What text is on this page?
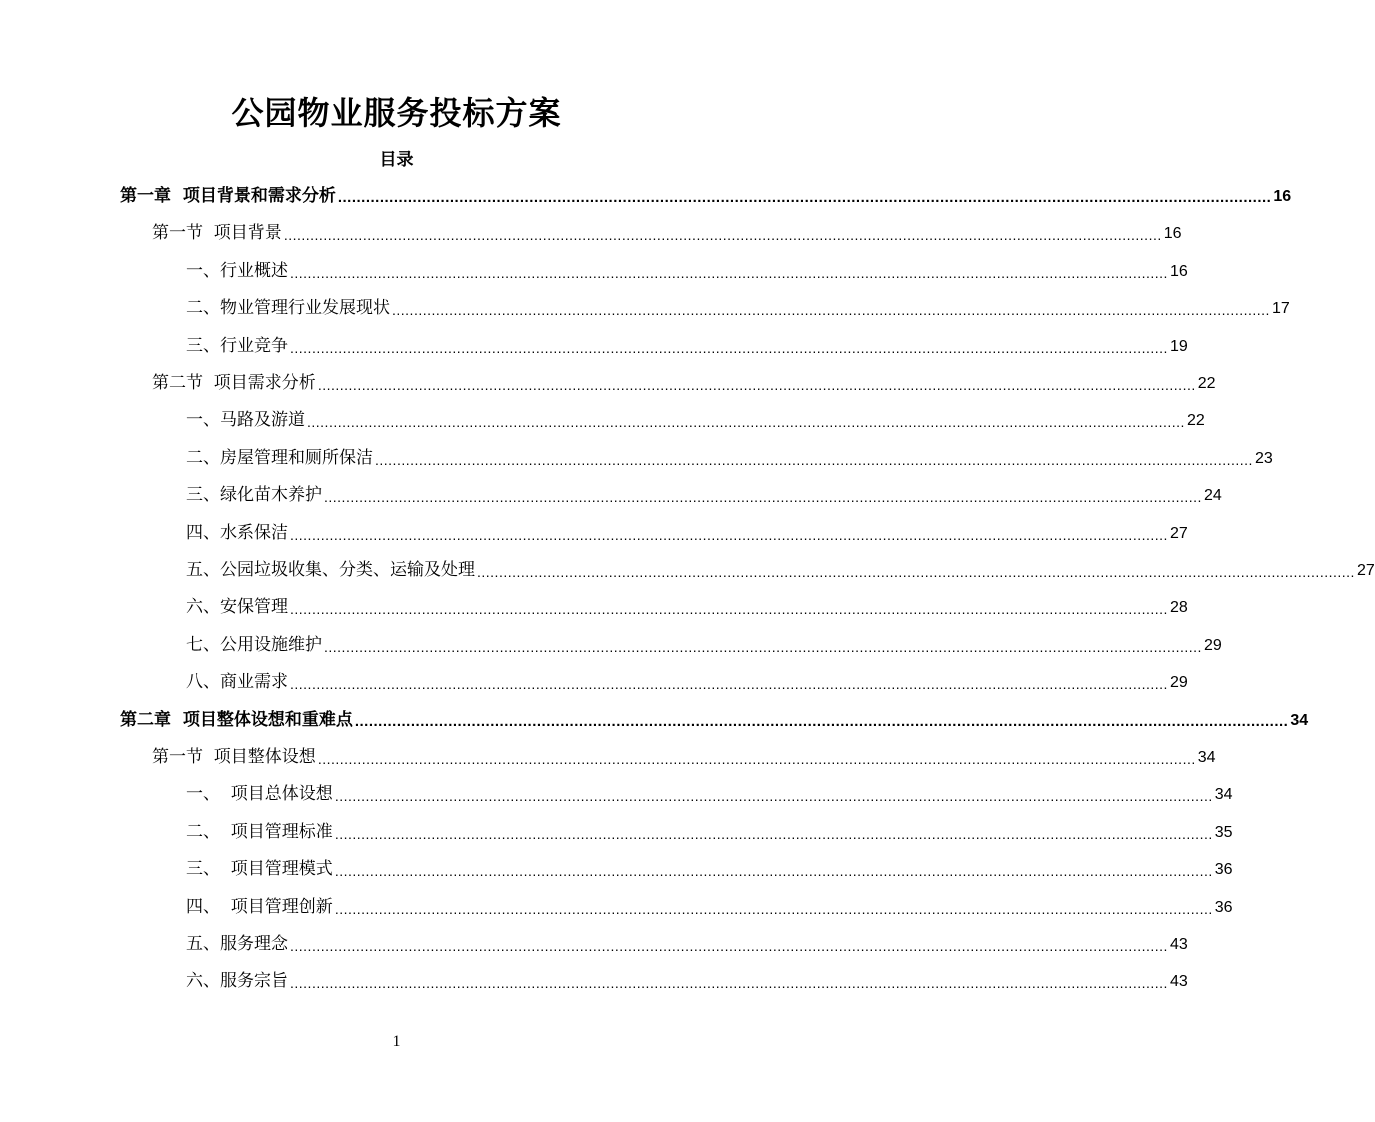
公园物业服务投标方案
目录
第一章  项目背景和需求分析 ........................................................................................................................................................................................................ 16
第一节  项目背景 ........................................................................................................................................................................................................ 16
一、行业概述 ........................................................................................................................................................................................................ 16
二、物业管理行业发展现状 ........................................................................................................................................................................................................ 17
三、行业竞争 ........................................................................................................................................................................................................ 19
第二节  项目需求分析 ........................................................................................................................................................................................................ 22
一、马路及游道 ........................................................................................................................................................................................................ 22
二、房屋管理和厕所保洁 ........................................................................................................................................................................................................ 23
三、绿化苗木养护 ........................................................................................................................................................................................................ 24
四、水系保洁 ........................................................................................................................................................................................................ 27
五、公园垃圾收集、分类、运输及处理 ........................................................................................................................................................................................................ 27
六、安保管理 ........................................................................................................................................................................................................ 28
七、公用设施维护 ........................................................................................................................................................................................................ 29
八、商业需求 ........................................................................................................................................................................................................ 29
第二章  项目整体设想和重难点 ........................................................................................................................................................................................................ 34
第一节  项目整体设想 ........................................................................................................................................................................................................ 34
一、  项目总体设想 ........................................................................................................................................................................................................ 34
二、  项目管理标准 ........................................................................................................................................................................................................ 35
三、  项目管理模式 ........................................................................................................................................................................................................ 36
四、  项目管理创新 ........................................................................................................................................................................................................ 36
五、服务理念 ........................................................................................................................................................................................................ 43
六、服务宗旨 ........................................................................................................................................................................................................ 43
1
